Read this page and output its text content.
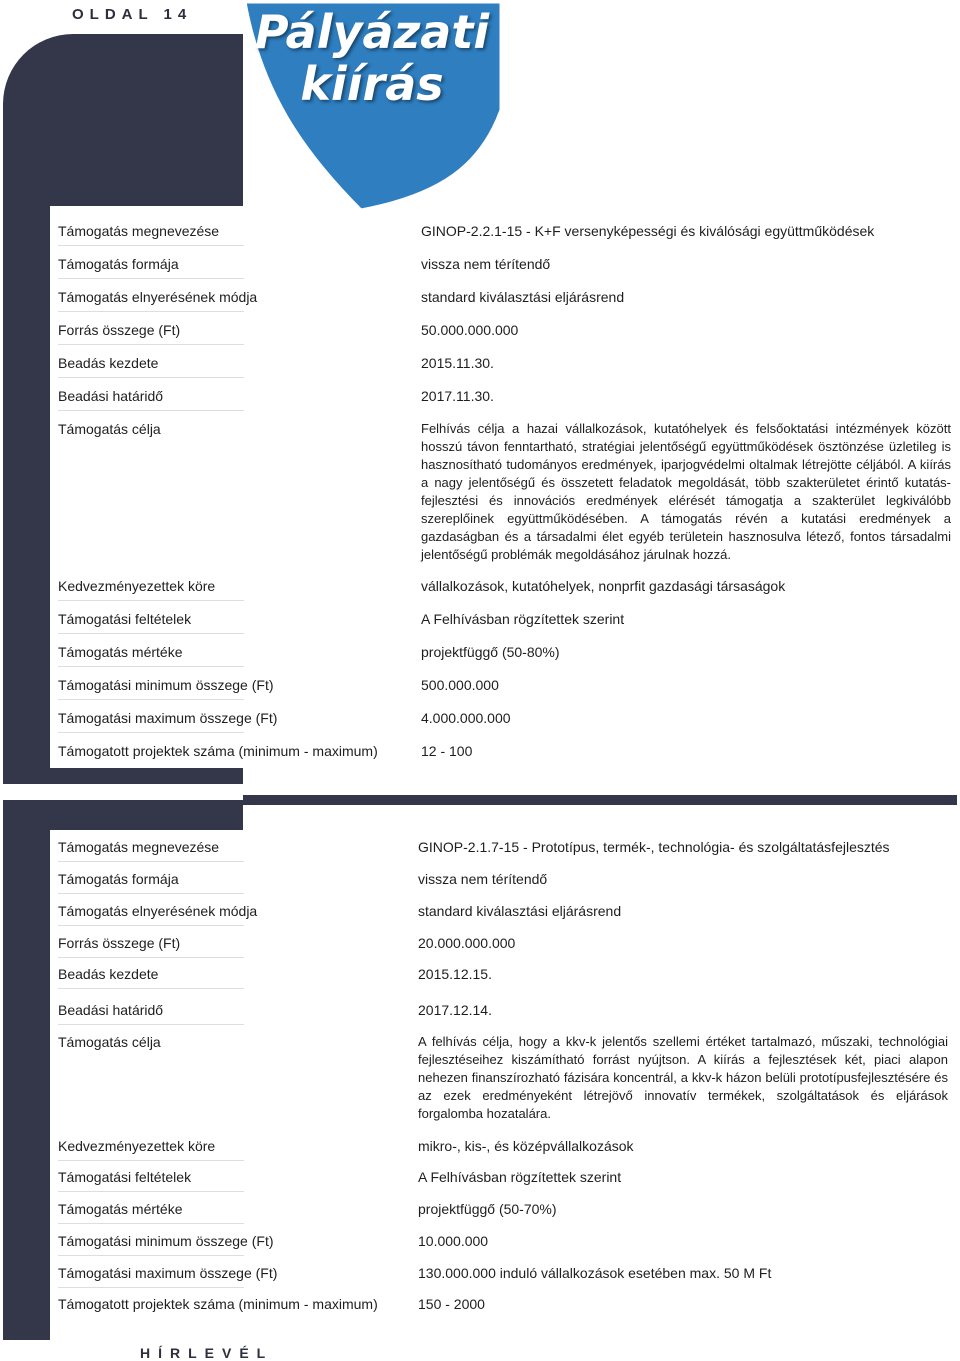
OLDAL 14	Pályázati
kiírás
Támogatás megnevezése	GINOP-2.2.1-15 - K+F versenyképességi és kiválósági együttműködések
Támogatás formája	vissza nem térítendő
Támogatás elnyerésének módja	standard kiválasztási eljárásrend
Forrás összege (Ft)	50.000.000.000
Beadás kezdete	2015.11.30.
Beadási határidő	2017.11.30.
Támogatás célja	Felhívás célja a hazai vállalkozások, kutatóhelyek és felsőoktatási intézmények között hosszú távon fenntartható, stratégiai jelentőségű együttműködések ösztönzése üzletileg is hasznosítható tudományos eredmények, iparjogvédelmi oltalmak létrejötte céljából. A kiírás a nagy jelentőségű és összetett feladatok megoldását, több szakterületet érintő kutatás-fejlesztési és innovációs eredmények elérését támogatja a szakterület legkiválóbb szereplőinek együttműködésében. A támogatás révén a kutatási eredmények a gazdaságban és a társadalmi élet egyéb területein hasznosulva létező, fontos társadalmi jelentőségű problémák megoldásához járulnak hozzá.
Kedvezményezettek köre	vállalkozások, kutatóhelyek, nonprfit gazdasági társaságok
Támogatási feltételek	A Felhívásban rögzítettek szerint
Támogatás mértéke	projektfüggő (50-80%)
Támogatási minimum összege (Ft)	500.000.000
Támogatási maximum összege (Ft)	4.000.000.000
Támogatott projektek száma (minimum - maximum)	12 - 100
Támogatás megnevezése	GINOP-2.1.7-15 - Prototípus, termék-, technológia- és szolgáltatásfejlesztés
Támogatás formája	vissza nem térítendő
Támogatás elnyerésének módja	standard kiválasztási eljárásrend
Forrás összege (Ft)	20.000.000.000
Beadás kezdete	2015.12.15.
Beadási határidő	2017.12.14.
Támogatás célja	A felhívás célja, hogy a kkv-k jelentős szellemi értéket tartalmazó, műszaki, technológiai fejlesztéseihez kiszámítható forrást nyújtson. A kiírás a fejlesztések két, piaci alapon nehezen finanszírozható fázisára koncentrál, a kkv-k házon belüli prototípusfejlesztésére és az ezek eredményeként létrejövő innovatív termékek, szolgáltatások és eljárások forgalomba hozatalára.
Kedvezményezettek köre	mikro-, kis-, és középvállalkozások
Támogatási feltételek	A Felhívásban rögzítettek szerint
Támogatás mértéke	projektfüggő (50-70%)
Támogatási minimum összege (Ft)	10.000.000
Támogatási maximum összege (Ft)	130.000.000 induló vállalkozások esetében max. 50 M Ft
Támogatott projektek száma (minimum - maximum)	150 - 2000
HÍRLEVÉL
